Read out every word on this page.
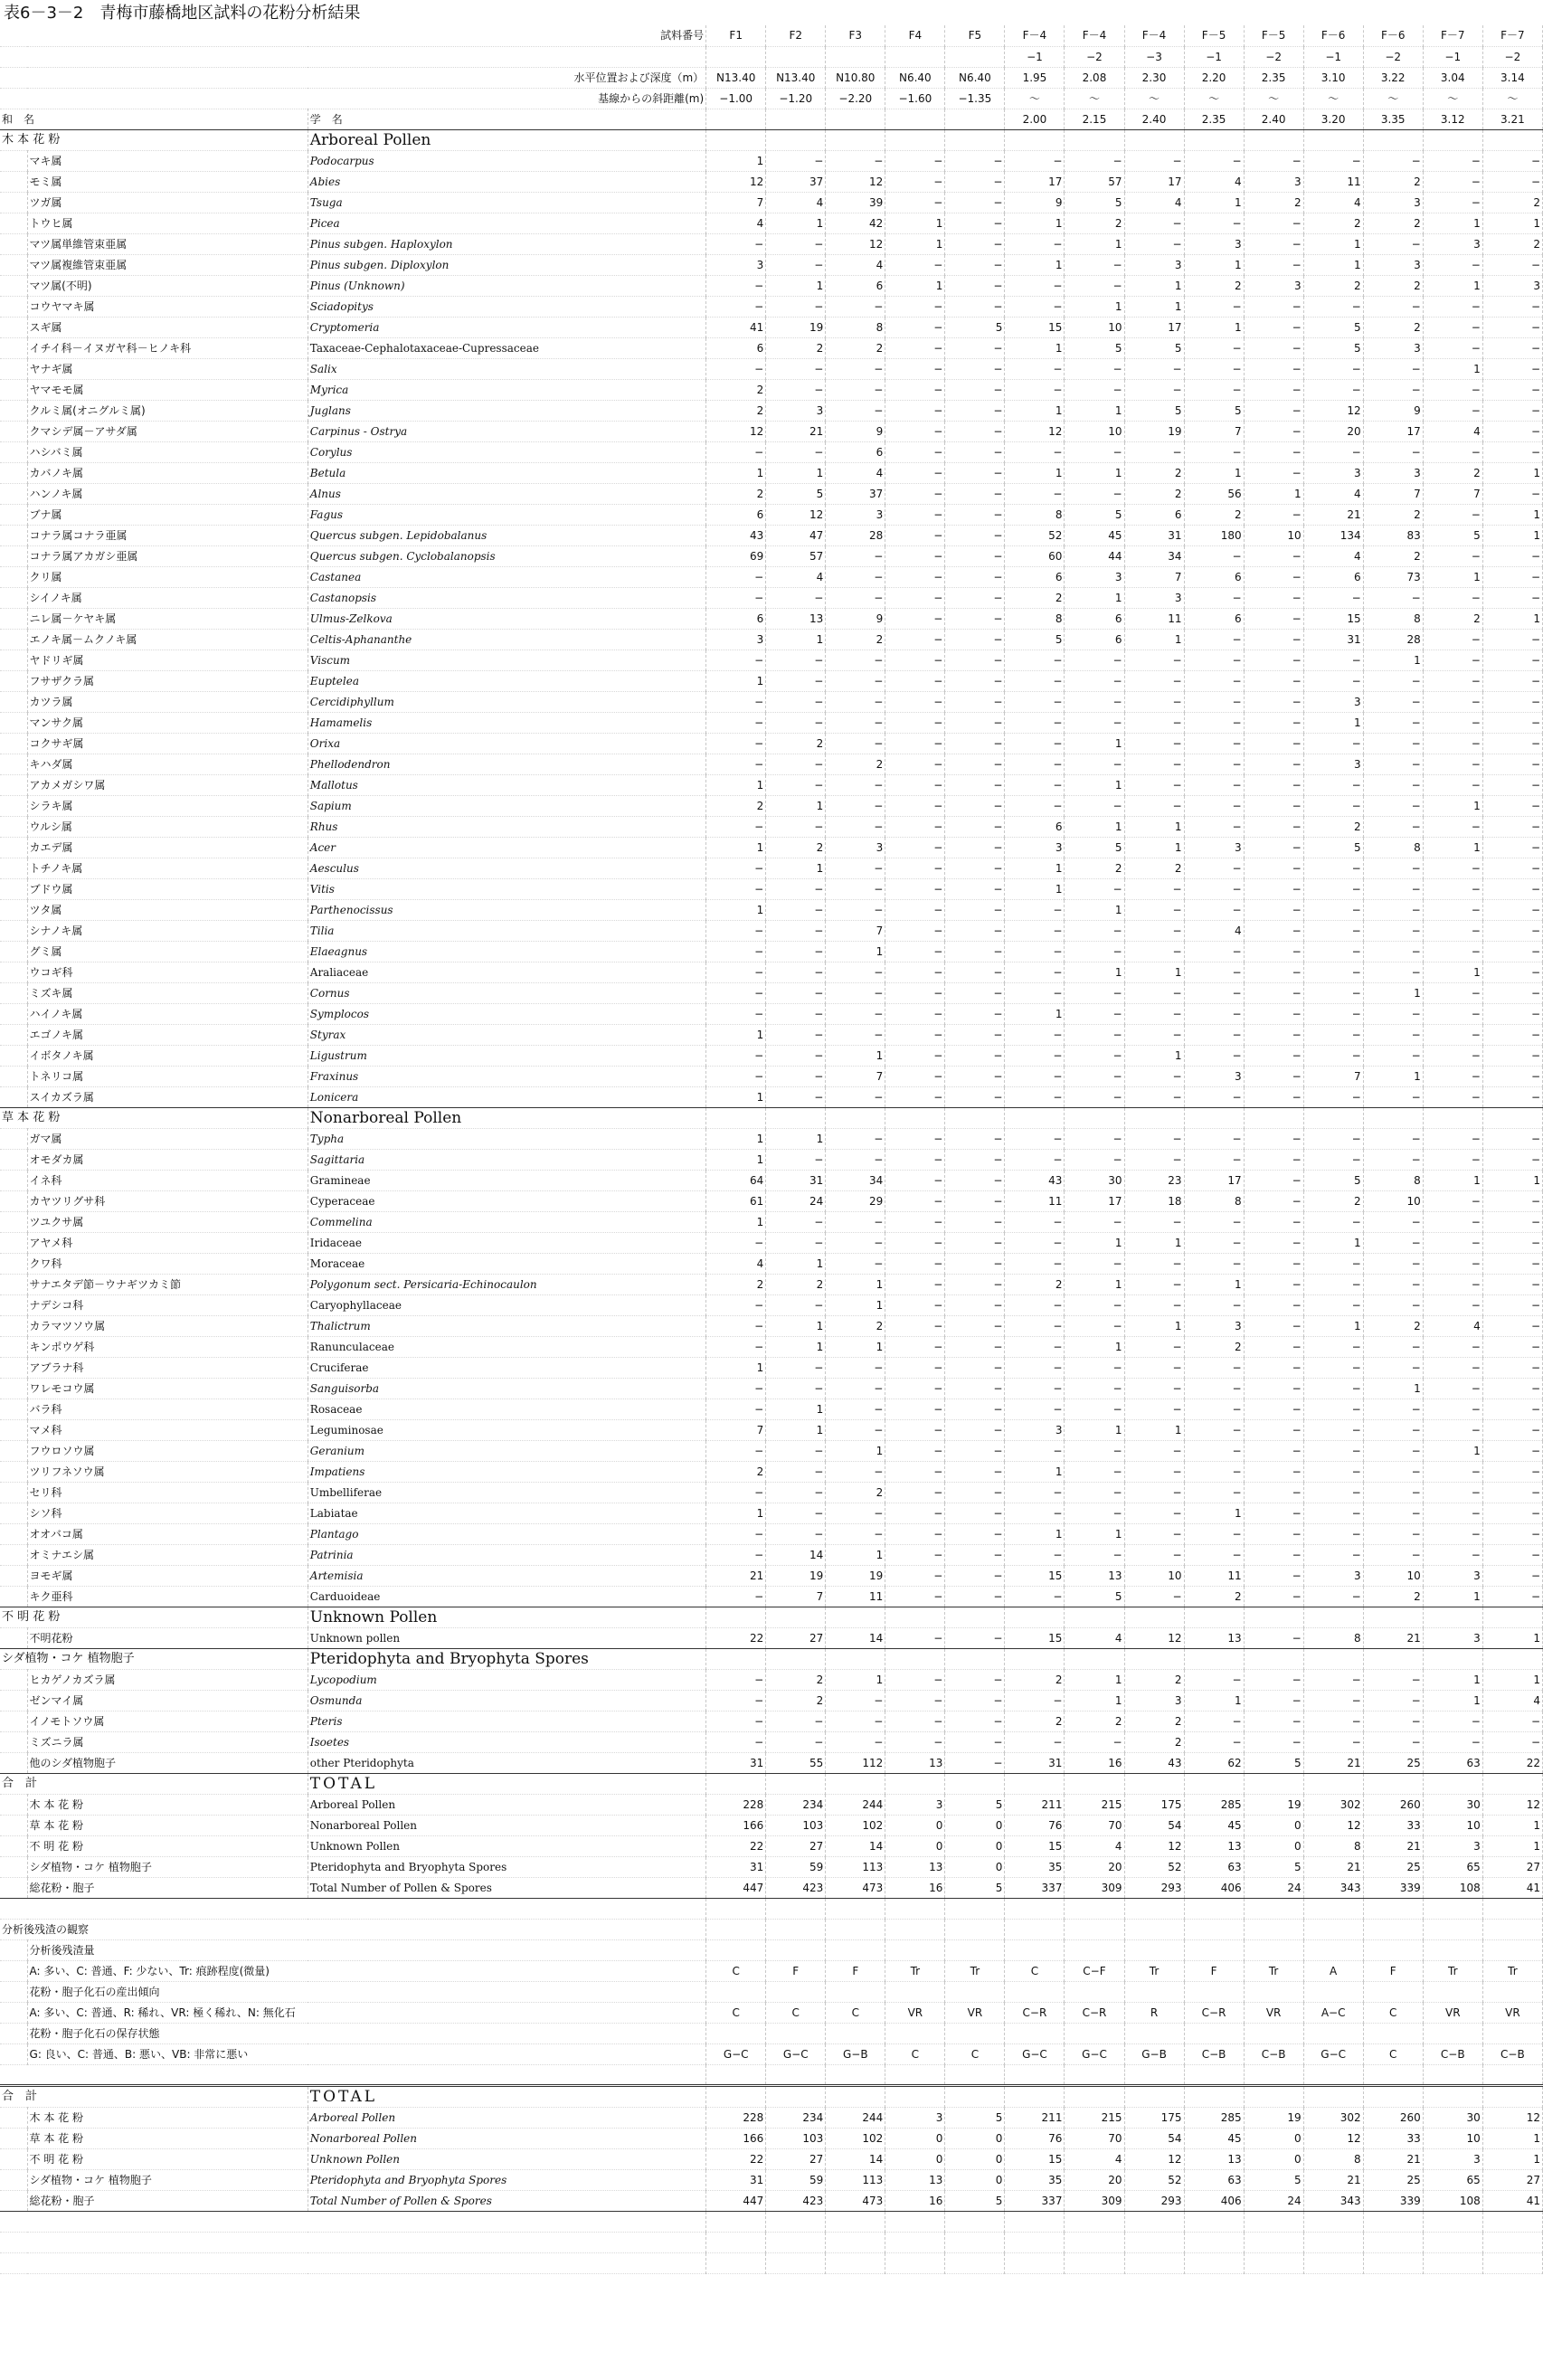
表6－3－2　青梅市藤橋地区試料の花粉分析結果
試料番号			F1	F2	F3	F4	F5	F－4	F－4	F－4	F－5	F－5	F－6	F－6	F－7	F－7
								−1	−2	−3	−1	−2	−1	−2	−1	−2
水平位置および深度（m）			N13.40	N13.40	N10.80	N6.40	N6.40	1.95	2.08	2.30	2.20	2.35	3.10	3.22	3.04	3.14
基線からの斜距離(m)			−1.00	−1.20	−2.20	−1.60	−1.35	～	～	～	～	～	～	～	～	～
和　名		学　名						2.00	2.15	2.40	2.35	2.40	3.20	3.35	3.12	3.21
木 本 花 粉		Arboreal Pollen														
	マキ属	Podocarpus	1	−	−	−	−	−	−	−	−	−	−	−	−	−
	モミ属	Abies	12	37	12	−	−	17	57	17	4	3	11	2	−	−
	ツガ属	Tsuga	7	4	39	−	−	9	5	4	1	2	4	3	−	2
	トウヒ属	Picea	4	1	42	1	−	1	2	−	−	−	2	2	1	1
	マツ属単維管束亜属	Pinus subgen. Haploxylon	−	−	12	1	−	−	1	−	3	−	1	−	3	2
	マツ属複維管束亜属	Pinus subgen. Diploxylon	3	−	4	−	−	1	−	3	1	−	1	3	−	−
	マツ属(不明)	Pinus (Unknown)	−	1	6	1	−	−	−	1	2	3	2	2	1	3
	コウヤマキ属	Sciadopitys	−	−	−	−	−	−	1	1	−	−	−	−	−	−
	スギ属	Cryptomeria	41	19	8	−	5	15	10	17	1	−	5	2	−	−
	イチイ科－イヌガヤ科－ヒノキ科	Taxaceae-Cephalotaxaceae-Cupressaceae	6	2	2	−	−	1	5	5	−	−	5	3	−	−
	ヤナギ属	Salix	−	−	−	−	−	−	−	−	−	−	−	−	1	−
	ヤマモモ属	Myrica	2	−	−	−	−	−	−	−	−	−	−	−	−	−
	クルミ属(オニグルミ属)	Juglans	2	3	−	−	−	1	1	5	5	−	12	9	−	−
	クマシデ属－アサダ属	Carpinus - Ostrya	12	21	9	−	−	12	10	19	7	−	20	17	4	−
	ハシバミ属	Corylus	−	−	6	−	−	−	−	−	−	−	−	−	−	−
	カバノキ属	Betula	1	1	4	−	−	1	1	2	1	−	3	3	2	1
	ハンノキ属	Alnus	2	5	37	−	−	−	−	2	56	1	4	7	7	−
	ブナ属	Fagus	6	12	3	−	−	8	5	6	2	−	21	2	−	1
	コナラ属コナラ亜属	Quercus subgen. Lepidobalanus	43	47	28	−	−	52	45	31	180	10	134	83	5	1
	コナラ属アカガシ亜属	Quercus subgen. Cyclobalanopsis	69	57	−	−	−	60	44	34	−	−	4	2	−	−
	クリ属	Castanea	−	4	−	−	−	6	3	7	6	−	6	73	1	−
	シイノキ属	Castanopsis	−	−	−	−	−	2	1	3	−	−	−	−	−	−
	ニレ属－ケヤキ属	Ulmus-Zelkova	6	13	9	−	−	8	6	11	6	−	15	8	2	1
	エノキ属－ムクノキ属	Celtis-Aphananthe	3	1	2	−	−	5	6	1	−	−	31	28	−	−
	ヤドリギ属	Viscum	−	−	−	−	−	−	−	−	−	−	−	1	−	−
	フサザクラ属	Euptelea	1	−	−	−	−	−	−	−	−	−	−	−	−	−
	カツラ属	Cercidiphyllum	−	−	−	−	−	−	−	−	−	−	3	−	−	−
	マンサク属	Hamamelis	−	−	−	−	−	−	−	−	−	−	1	−	−	−
	コクサギ属	Orixa	−	2	−	−	−	−	1	−	−	−	−	−	−	−
	キハダ属	Phellodendron	−	−	2	−	−	−	−	−	−	−	3	−	−	−
	アカメガシワ属	Mallotus	1	−	−	−	−	−	1	−	−	−	−	−	−	−
	シラキ属	Sapium	2	1	−	−	−	−	−	−	−	−	−	−	1	−
	ウルシ属	Rhus	−	−	−	−	−	6	1	1	−	−	2	−	−	−
	カエデ属	Acer	1	2	3	−	−	3	5	1	3	−	5	8	1	−
	トチノキ属	Aesculus	−	1	−	−	−	1	2	2	−	−	−	−	−	−
	ブドウ属	Vitis	−	−	−	−	−	1	−	−	−	−	−	−	−	−
	ツタ属	Parthenocissus	1	−	−	−	−	−	1	−	−	−	−	−	−	−
	シナノキ属	Tilia	−	−	7	−	−	−	−	−	4	−	−	−	−	−
	グミ属	Elaeagnus	−	−	1	−	−	−	−	−	−	−	−	−	−	−
	ウコギ科	Araliaceae	−	−	−	−	−	−	1	1	−	−	−	−	1	−
	ミズキ属	Cornus	−	−	−	−	−	−	−	−	−	−	−	1	−	−
	ハイノキ属	Symplocos	−	−	−	−	−	1	−	−	−	−	−	−	−	−
	エゴノキ属	Styrax	1	−	−	−	−	−	−	−	−	−	−	−	−	−
	イボタノキ属	Ligustrum	−	−	1	−	−	−	−	1	−	−	−	−	−	−
	トネリコ属	Fraxinus	−	−	7	−	−	−	−	−	3	−	7	1	−	−
	スイカズラ属	Lonicera	1	−	−	−	−	−	−	−	−	−	−	−	−	−
草 本 花 粉		Nonarboreal Pollen														
	ガマ属	Typha	1	1	−	−	−	−	−	−	−	−	−	−	−	−
	オモダカ属	Sagittaria	1	−	−	−	−	−	−	−	−	−	−	−	−	−
	イネ科	Gramineae	64	31	34	−	−	43	30	23	17	−	5	8	1	1
	カヤツリグサ科	Cyperaceae	61	24	29	−	−	11	17	18	8	−	2	10	−	−
	ツユクサ属	Commelina	1	−	−	−	−	−	−	−	−	−	−	−	−	−
	アヤメ科	Iridaceae	−	−	−	−	−	−	1	1	−	−	1	−	−	−
	クワ科	Moraceae	4	1	−	−	−	−	−	−	−	−	−	−	−	−
	サナエタデ節－ウナギツカミ節	Polygonum sect. Persicaria-Echinocaulon	2	2	1	−	−	2	1	−	1	−	−	−	−	−
	ナデシコ科	Caryophyllaceae	−	−	1	−	−	−	−	−	−	−	−	−	−	−
	カラマツソウ属	Thalictrum	−	1	2	−	−	−	−	1	3	−	1	2	4	−
	キンポウゲ科	Ranunculaceae	−	1	1	−	−	−	1	−	2	−	−	−	−	−
	アブラナ科	Cruciferae	1	−	−	−	−	−	−	−	−	−	−	−	−	−
	ワレモコウ属	Sanguisorba	−	−	−	−	−	−	−	−	−	−	−	1	−	−
	バラ科	Rosaceae	−	1	−	−	−	−	−	−	−	−	−	−	−	−
	マメ科	Leguminosae	7	1	−	−	−	3	1	1	−	−	−	−	−	−
	フウロソウ属	Geranium	−	−	1	−	−	−	−	−	−	−	−	−	1	−
	ツリフネソウ属	Impatiens	2	−	−	−	−	1	−	−	−	−	−	−	−	−
	セリ科	Umbelliferae	−	−	2	−	−	−	−	−	−	−	−	−	−	−
	シソ科	Labiatae	1	−	−	−	−	−	−	−	1	−	−	−	−	−
	オオバコ属	Plantago	−	−	−	−	−	1	1	−	−	−	−	−	−	−
	オミナエシ属	Patrinia	−	14	1	−	−	−	−	−	−	−	−	−	−	−
	ヨモギ属	Artemisia	21	19	19	−	−	15	13	10	11	−	3	10	3	−
	キク亜科	Carduoideae	−	7	11	−	−	−	5	−	2	−	−	2	1	−
不 明 花 粉		Unknown Pollen														
	不明花粉	Unknown pollen	22	27	14	−	−	15	4	12	13	−	8	21	3	1
シダ植物・コケ 植物胞子		Pteridophyta and Bryophyta Spores														
	ヒカゲノカズラ属	Lycopodium	−	2	1	−	−	2	1	2	−	−	−	−	1	1
	ゼンマイ属	Osmunda	−	2	−	−	−	−	1	3	1	−	−	−	1	4
	イノモトソウ属	Pteris	−	−	−	−	−	2	2	2	−	−	−	−	−	−
	ミズニラ属	Isoetes	−	−	−	−	−	−	−	2	−	−	−	−	−	−
	他のシダ植物胞子	other Pteridophyta	31	55	112	13	−	31	16	43	62	5	21	25	63	22
合　計		TOTAL														
	木 本 花 粉	Arboreal Pollen	228	234	244	3	5	211	215	175	285	19	302	260	30	12
	草 本 花 粉	Nonarboreal Pollen	166	103	102	0	0	76	70	54	45	0	12	33	10	1
	不 明 花 粉	Unknown Pollen	22	27	14	0	0	15	4	12	13	0	8	21	3	1
	シダ植物・コケ 植物胞子	Pteridophyta and Bryophyta Spores	31	59	113	13	0	35	20	52	63	5	21	25	65	27
	総花粉・胞子	Total Number of Pollen & Spores	447	423	473	16	5	337	309	293	406	24	343	339	108	41

分析後残渣の観察																
	分析後残渣量															
	A: 多い、C: 普通、F: 少ない、Tr: 痕跡程度(微量)		C	F	F	Tr	Tr	C	C−F	Tr	F	Tr	A	F	Tr	Tr
	花粉・胞子化石の産出傾向															
	A: 多い、C: 普通、R: 稀れ、VR: 極く稀れ、N: 無化石		C	C	C	VR	VR	C−R	C−R	R	C−R	VR	A−C	C	VR	VR
	花粉・胞子化石の保存状態															
	G: 良い、C: 普通、B: 悪い、VB: 非常に悪い		G−C	G−C	G−B	C	C	G−C	G−C	G−B	C−B	C−B	G−C	C	C−B	C−B

合　計		TOTAL														
	木 本 花 粉	Arboreal Pollen	228	234	244	3	5	211	215	175	285	19	302	260	30	12
	草 本 花 粉	Nonarboreal Pollen	166	103	102	0	0	76	70	54	45	0	12	33	10	1
	不 明 花 粉	Unknown Pollen	22	27	14	0	0	15	4	12	13	0	8	21	3	1
	シダ植物・コケ 植物胞子	Pteridophyta and Bryophyta Spores	31	59	113	13	0	35	20	52	63	5	21	25	65	27
	総花粉・胞子	Total Number of Pollen & Spores	447	423	473	16	5	337	309	293	406	24	343	339	108	41
